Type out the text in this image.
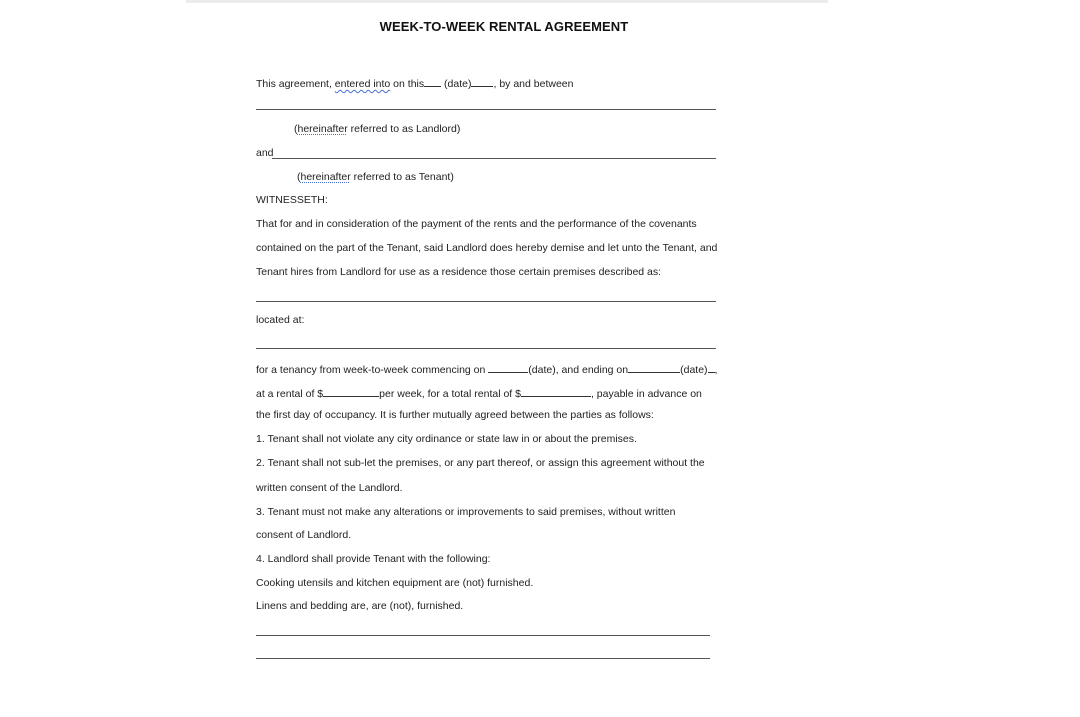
WEEK-TO-WEEK RENTAL AGREEMENT
This agreement, entered into on this (date) , by and between
(hereinafter referred to as Landlord)
and
(hereinafter referred to as Tenant)
WITNESSETH:
That for and in consideration of the payment of the rents and the performance of the covenants
contained on the part of the Tenant, said Landlord does hereby demise and let unto the Tenant, and
Tenant hires from Landlord for use as a residence those certain premises described as:
located at:
for a tenancy from week-to-week commencing on	(date), and ending on	(date) ,
at a rental of $	per week, for a total rental of $	, payable in advance on
the first day of occupancy. It is further mutually agreed between the parties as follows:
1. Tenant shall not violate any city ordinance or state law in or about the premises.
2. Tenant shall not sub-let the premises, or any part thereof, or assign this agreement without the
written consent of the Landlord.
3. Tenant must not make any alterations or improvements to said premises, without written
consent of Landlord.
4. Landlord shall provide Tenant with the following:
Cooking utensils and kitchen equipment are (not) furnished.
Linens and bedding are, are (not), furnished.
